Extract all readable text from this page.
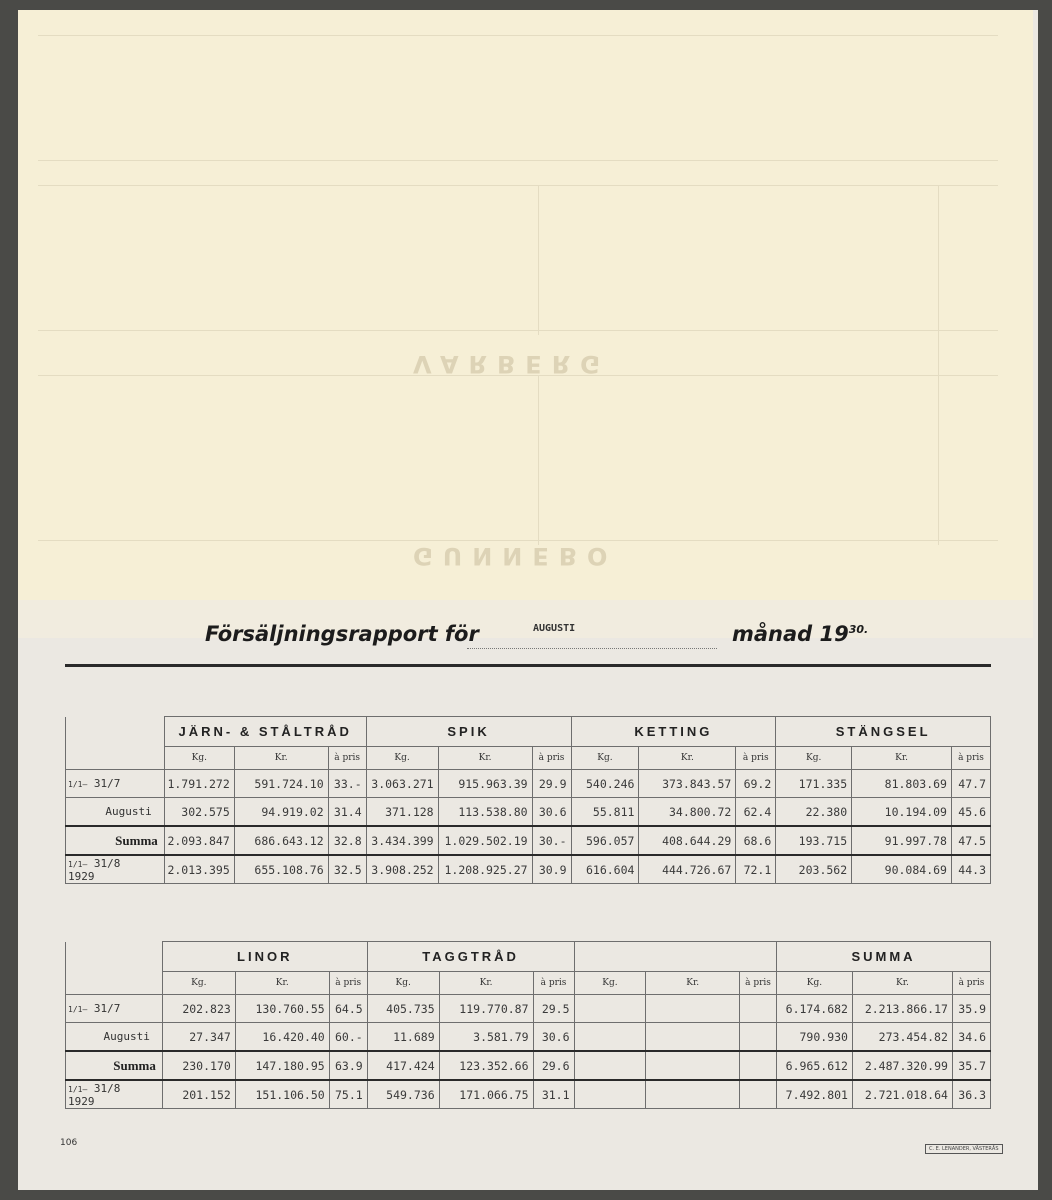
VARBERG
GUNNEBO
Försäljningsrapport för	AUGUSTI	månad $19^{30.}$
	JÄRN- & STÅLTRÅD			SPIK			KETTING			STÄNGSEL		
	Kg.	Kr.	à pris	Kg.	Kr.	à pris	Kg.	Kr.	à pris	Kg.	Kr.	à pris
1/1— 31/7	1.791.272	591.724.10	33.-	3.063.271	915.963.39	29.9	540.246	373.843.57	69.2	171.335	81.803.69	47.7
Augusti	302.575	94.919.02	31.4	371.128	113.538.80	30.6	55.811	34.800.72	62.4	22.380	10.194.09	45.6
Summa	2.093.847	686.643.12	32.8	3.434.399	1.029.502.19	30.-	596.057	408.644.29	68.6	193.715	91.997.78	47.5
1/1— 31/8 1929	2.013.395	655.108.76	32.5	3.908.252	1.208.925.27	30.9	616.604	444.726.67	72.1	203.562	90.084.69	44.3
	LINOR			TAGGTRÅD						SUMMA		
	Kg.	Kr.	à pris	Kg.	Kr.	à pris	Kg.	Kr.	à pris	Kg.	Kr.	à pris
1/1— 31/7	202.823	130.760.55	64.5	405.735	119.770.87	29.5				6.174.682	2.213.866.17	35.9
Augusti	27.347	16.420.40	60.-	11.689	3.581.79	30.6				790.930	273.454.82	34.6
Summa	230.170	147.180.95	63.9	417.424	123.352.66	29.6				6.965.612	2.487.320.99	35.7
1/1— 31/8 1929	201.152	151.106.50	75.1	549.736	171.066.75	31.1				7.492.801	2.721.018.64	36.3
106
C. E. LENANDER, VÄSTERÅS
